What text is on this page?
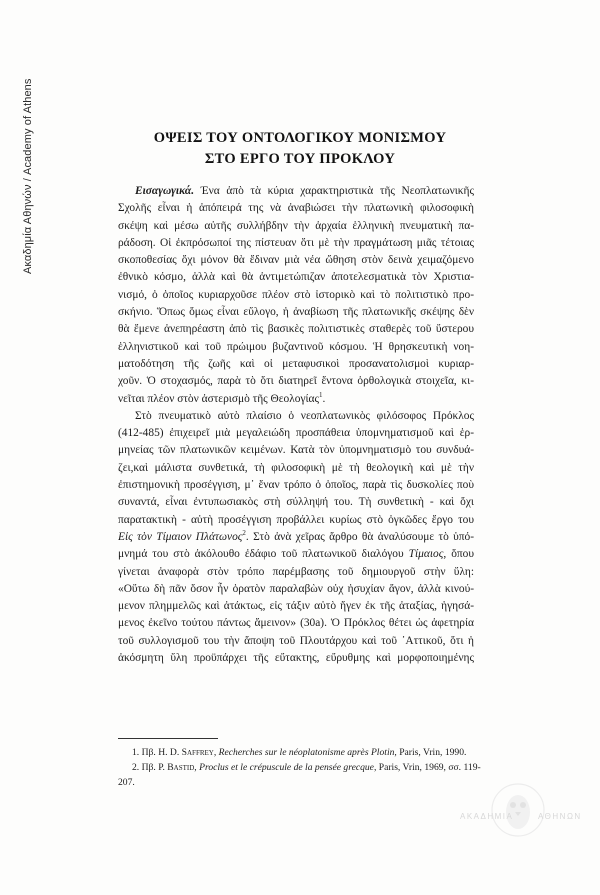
Ακαδημία Αθηνών / Academy of Athens	ΟΨΕΙΣ ΤΟΥ ΟΝΤΟΛΟΓΙΚΟΥ ΜΟΝΙΣΜΟΥ
ΣΤΟ ΕΡΓΟ ΤΟΥ ΠΡΟΚΛΟΥ
Εισαγωγικά. Ένα ἀπὸ τὰ κύρια χαρακτηριστικὰ τῆς Νεοπλατωνικῆς
Σχολῆς εἶναι ἡ ἀπόπειρά της νὰ ἀναβιώσει τὴν πλατωνικὴ φιλοσοφικὴ
σκέψη καὶ μέσω αὐτῆς συλλήβδην τὴν ἀρχαία ἑλληνικὴ πνευματικὴ πα-
ράδοση. Οἱ ἐκπρόσωποί της πίστευαν ὅτι μὲ τὴν πραγμάτωση μιᾶς τέτοιας
σκοποθεσίας ὄχι μόνον θὰ ἔδιναν μιὰ νέα ὤθηση στὸν δεινὰ χειμαζόμενο
ἐθνικὸ κόσμο, ἀλλὰ καὶ θὰ ἀντιμετώπιζαν ἀποτελεσματικὰ τὸν Χριστια-
νισμό, ὁ ὁποῖος κυριαρχοῦσε πλέον στὸ ἱστορικὸ καὶ τὸ πολιτιστικὸ προ-
σκήνιο. Ὅπως ὅμως εἶναι εὔλογο, ἡ ἀναβίωση τῆς πλατωνικῆς σκέψης δὲν
θὰ ἔμενε ἀνεπηρέαστη ἀπὸ τὶς βασικὲς πολιτιστικὲς σταθερὲς τοῦ ὕστερου
ἑλληνιστικοῦ καὶ τοῦ πρώιμου βυζαντινοῦ κόσμου. Ἡ θρησκευτικὴ νοη-
ματοδότηση τῆς ζωῆς καὶ οἱ μεταφυσικοὶ προσανατολισμοὶ κυριαρ-
χοῦν. Ὁ στοχασμός, παρὰ τὸ ὅτι διατηρεῖ ἔντονα ὀρθολογικὰ στοιχεῖα, κι-
νεῖται πλέον στὸν ἀστερισμὸ τῆς Θεολογίας$^1$.
Στὸ πνευματικὸ αὐτὸ πλαίσιο ὁ νεοπλατωνικὸς φιλόσοφος Πρόκλος
(412-485) ἐπιχειρεῖ μιὰ μεγαλειώδη προσπάθεια ὑπομνηματισμοῦ καὶ ἑρ-
μηνείας τῶν πλατωνικῶν κειμένων. Κατὰ τὸν ὑπομνηματισμὸ του συνδυά-
ζει,καὶ μάλιστα συνθετικά, τὴ φιλοσοφικὴ μὲ τὴ θεολογικὴ καὶ μὲ τὴν
ἐπιστημονικὴ προσέγγιση, μ᾽ ἕναν τρόπο ὁ ὁποῖος, παρὰ τὶς δυσκολίες ποὺ
συναντά, εἶναι ἐντυπωσιακὸς στὴ σύλληψή του. Τὴ συνθετικὴ - καὶ ὄχι
παρατακτικὴ - αὐτὴ προσέγγιση προβάλλει κυρίως στὸ ὀγκῶδες ἔργο του
Εἰς τὸν Τίμαιον Πλάτωνος$^2$. Στὸ ἀνὰ χεῖρας ἄρθρο θὰ ἀναλύσουμε τὸ ὑπό-
μνημά του στὸ ἀκόλουθο ἐδάφιο τοῦ πλατωνικοῦ διαλόγου Τίμαιος, ὅπου
γίνεται ἀναφορὰ στὸν τρόπο παρέμβασης τοῦ δημιουργοῦ στὴν ὕλη:
«Οὕτω δὴ πᾶν ὅσον ἦν ὁρατὸν παραλαβὼν οὐχ ἡσυχίαν ἄγον, ἀλλὰ κινού-
μενον πλημμελῶς καὶ ἀτάκτως, εἰς τάξιν αὐτὸ ἤγεν ἐκ τῆς ἀταξίας, ἡγησά-
μενος ἐκεῖνο τούτου πάντως ἄμεινον» (30a). Ὁ Πρόκλος θέτει ὡς ἀφετηρία
τοῦ συλλογισμοῦ του τὴν ἄποψη τοῦ Πλουτάρχου καὶ τοῦ ᾽Αττικοῦ, ὅτι ἡ
ἀκόσμητη ὕλη προϋπάρχει τῆς εὔτακτης, εὔρυθμης καὶ μορφοποιημένης
1. Πβ. H. D. Saffrey, Recherches sur le néoplatonisme après Plotin, Paris, Vrin, 1990.
2. Πβ. P. Bastid, Proclus et le crépuscule de la pensée grecque, Paris, Vrin, 1969, σσ. 119-
207.
ΑΚΑΔΗΜΙΑ	ΑΘΗΝΩΝ
